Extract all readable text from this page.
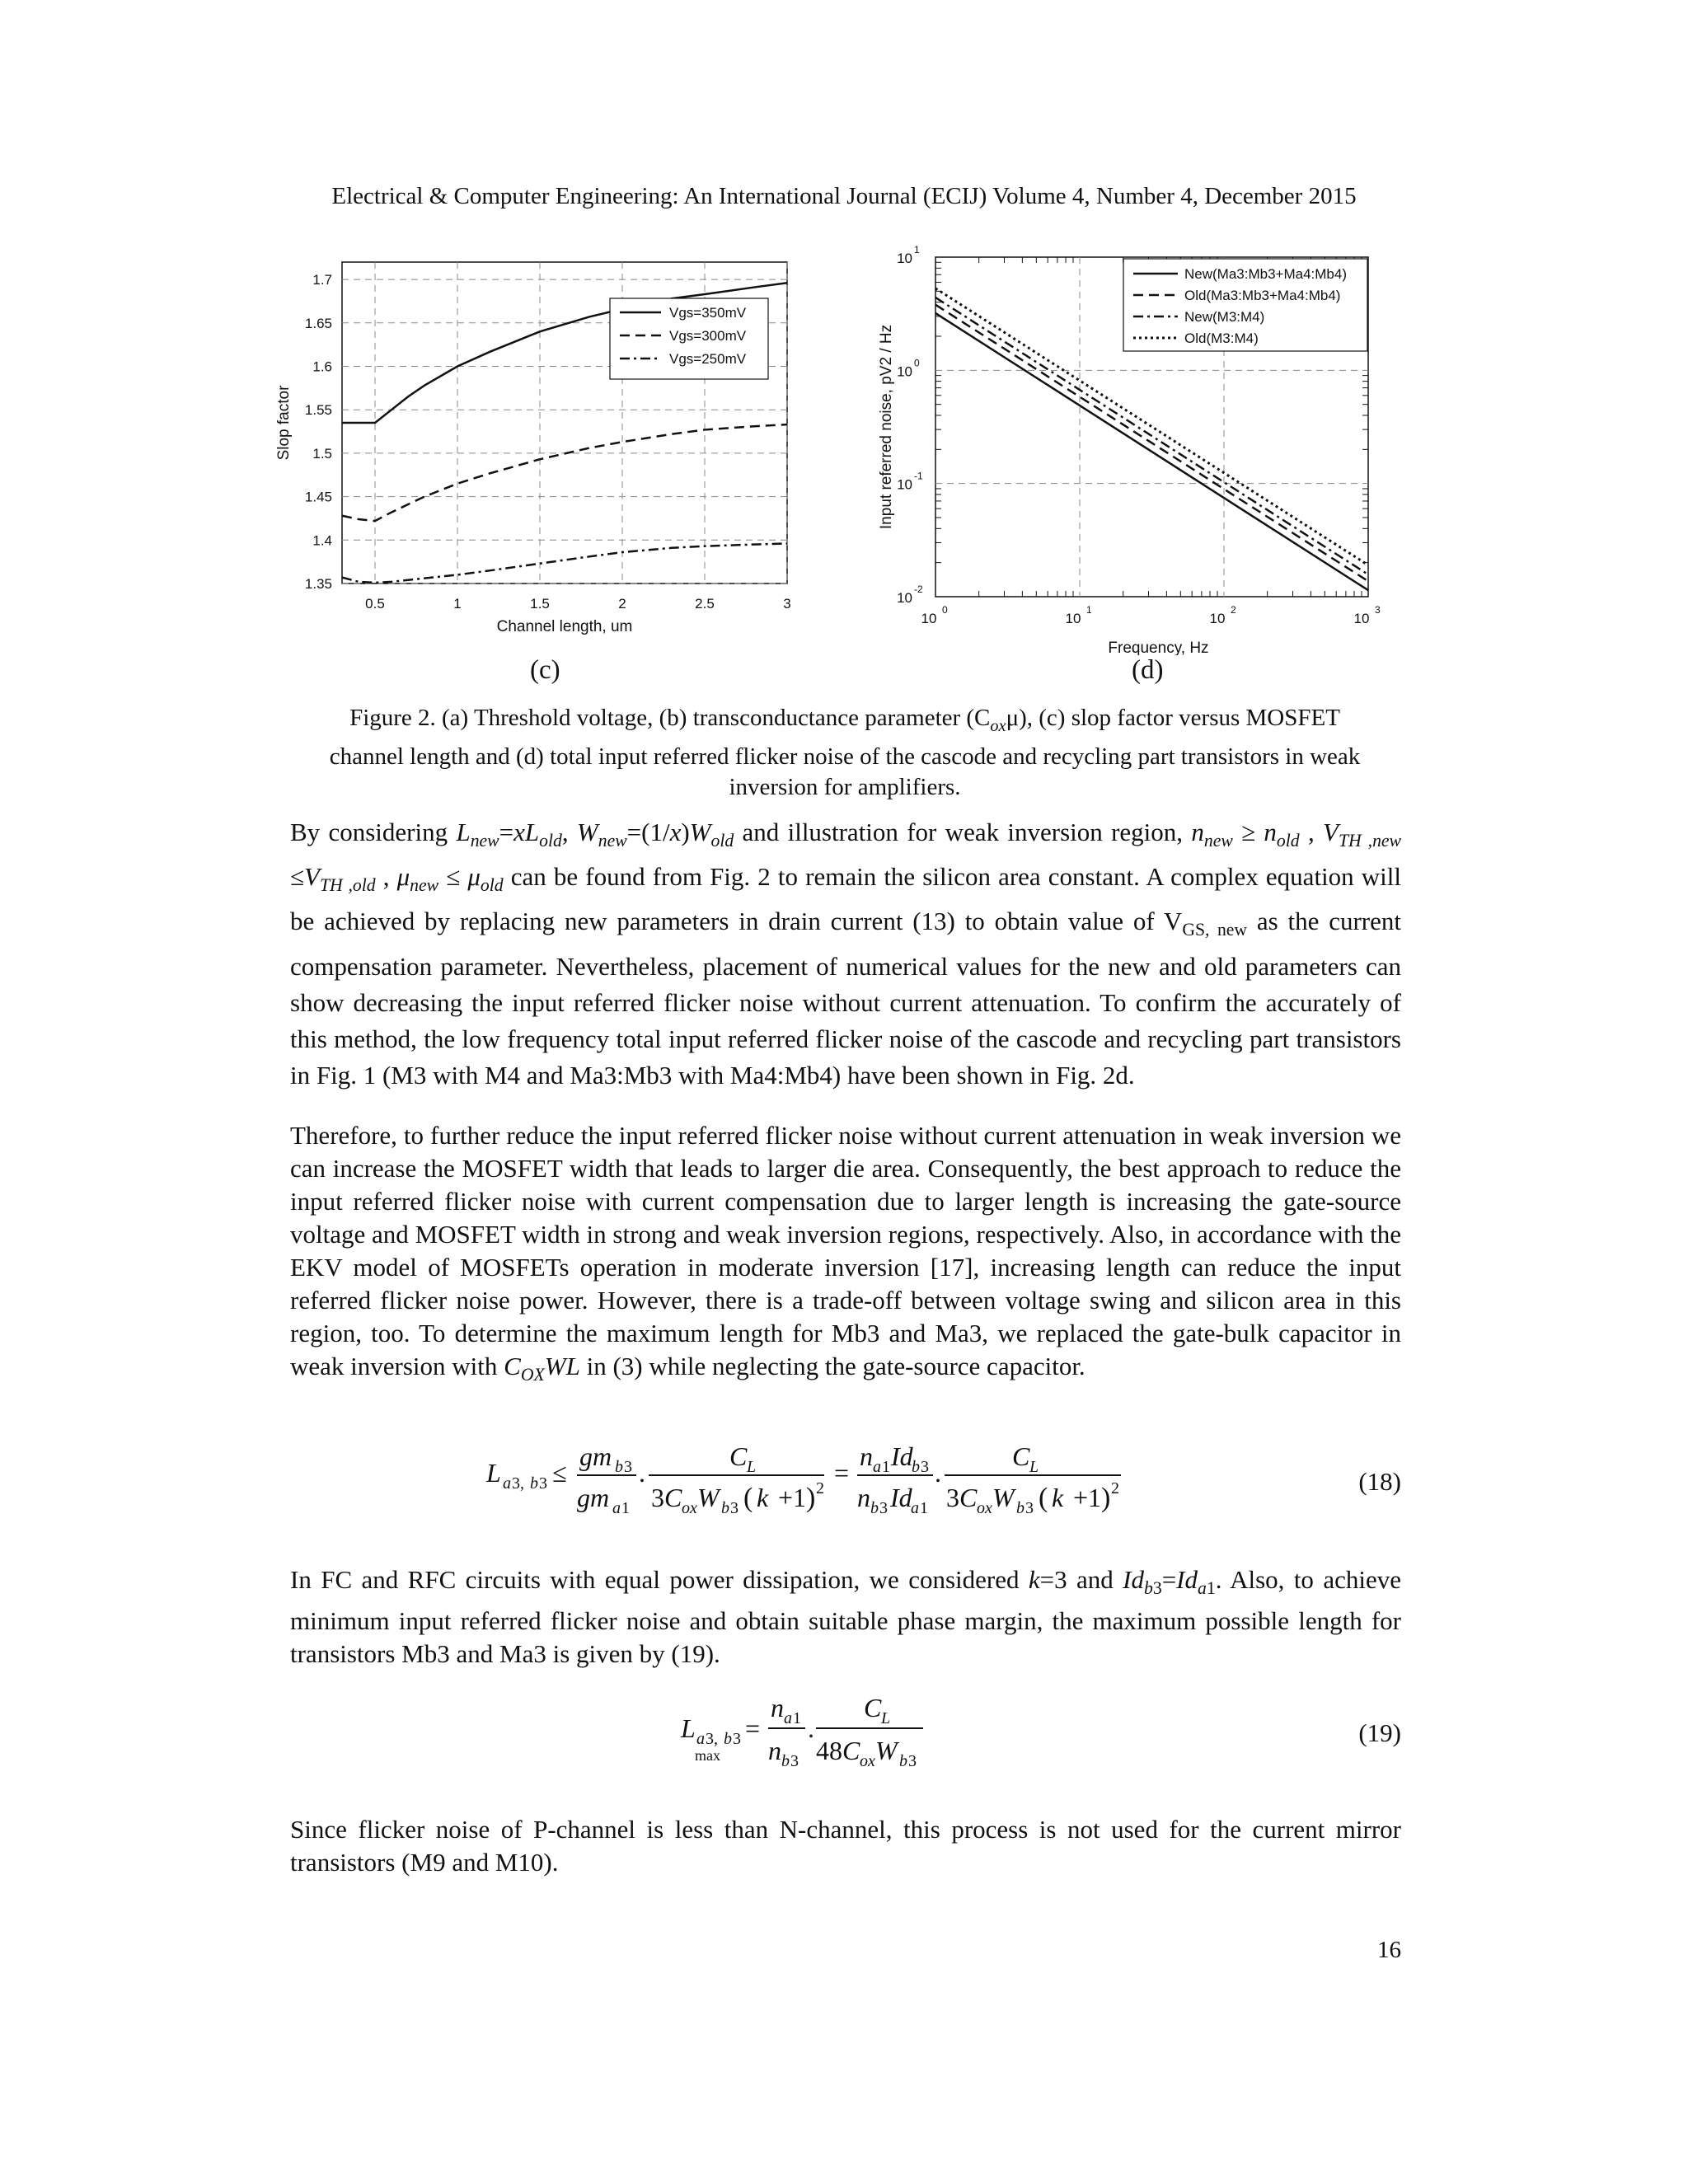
Electrical & Computer Engineering: An International Journal (ECIJ) Volume 4, Number 4, December 2015
0.5	1	1.5	2	2.5	3
1.35
1.4
1.45
1.5
1.55
1.6
1.65
1.7
Channel length, um
Slop factor
Vgs=350mV
Vgs=300mV
Vgs=250mV
10
0
10
1
10
2
10
3
10
-2
10
-1
10
0
10
1
Frequency, Hz
Input referred noise, pV2 / Hz
New(Ma3:Mb3+Ma4:Mb4)
Old(Ma3:Mb3+Ma4:Mb4)
New(M3:M4)
Old(M3:M4)
(c)	(d)
Figure 2. (a) Threshold voltage, (b) transconductance parameter $(C_{ox}\mu)$, (c) slop factor versus MOSFET
channel length and (d) total input referred flicker noise of the cascode and recycling part transistors in weak
inversion for amplifiers.

By considering $L_{new}=xL_{old}$, $W_{new}=(1/x)W_{old}$ and illustration for weak inversion region, $n_{new} \ge n_{old}$ , $V_{TH ,new} \le V_{TH ,old}$ , $\mu_{new} \le \mu_{old}$ can be found from Fig. 2 to remain the silicon area constant. A complex equation will be achieved by replacing new parameters in drain current (13) to obtain value of $V_{GS, new}$ as the current compensation parameter. Nevertheless, placement of numerical values for the new and old parameters can show decreasing the input referred flicker noise without current attenuation. To confirm the accurately of this method, the low frequency total input referred flicker noise of the cascode and recycling part transistors in Fig. 1 (M3 with M4 and Ma3:Mb3 with Ma4:Mb4) have been shown in Fig. 2d.

Therefore, to further reduce the input referred flicker noise without current attenuation in weak inversion we can increase the MOSFET width that leads to larger die area. Consequently, the best approach to reduce the input referred flicker noise with current compensation due to larger length is increasing the gate-source voltage and MOSFET width in strong and weak inversion regions, respectively. Also, in accordance with the EKV model of MOSFETs operation in moderate inversion [17], increasing length can reduce the input referred flicker noise power. However, there is a trade-off between voltage swing and silicon area in this region, too. To determine the maximum length for Mb3 and Ma3, we replaced the gate-bulk capacitor in weak inversion with $C_{OX}WL$ in (3) while neglecting the gate-source capacitor.

L a 3, b 3 ≤
gm b 3
gm a 1
.
C L
3 C ox W b 3 ( k +1 ) 2
=
n a 1 Id
b 3
n b 3 Id
a 1
.
C L
3 C ox W b 3 ( k +1 ) 2	(18)

In FC and RFC circuits with equal power dissipation, we considered k=3 and $Id_{b3}=Id_{a1}$. Also, to achieve minimum input referred flicker noise and obtain suitable phase margin, the maximum possible length for transistors Mb3 and Ma3 is given by (19).

L a 3, b 3
max
=
n a 1
n b 3
.
C L
48 C ox W b 3
(19)
Since flicker noise of P-channel is less than N-channel, this process is not used for the current mirror transistors (M9 and M10).
16
